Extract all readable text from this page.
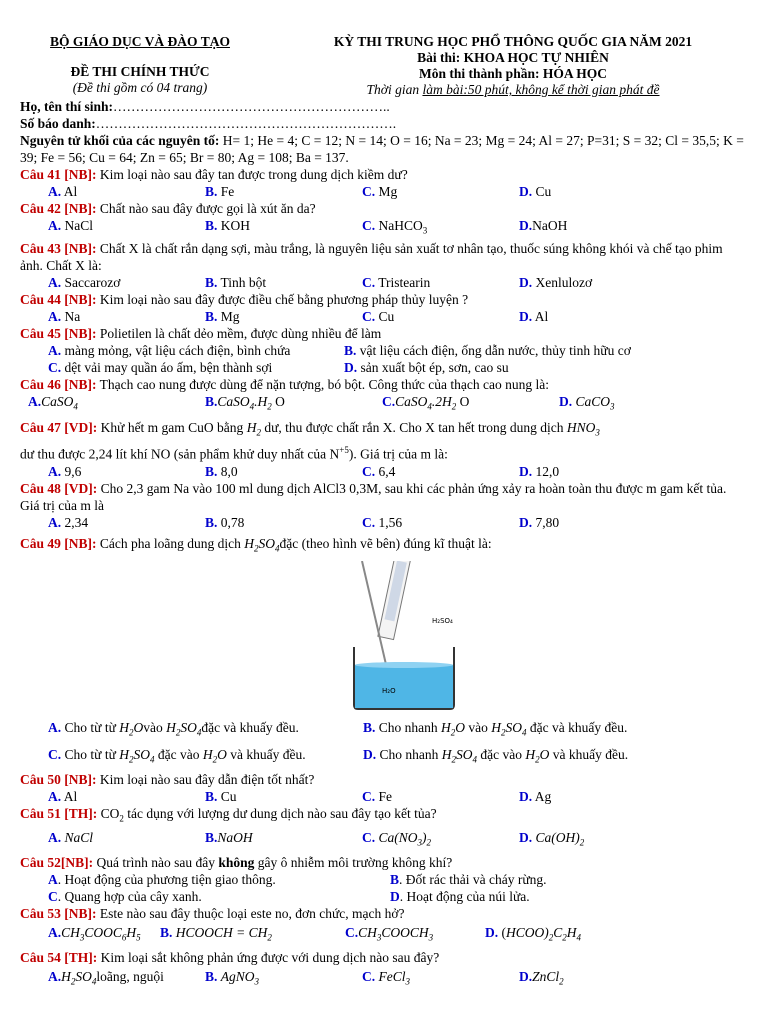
BỘ GIÁO DỤC VÀ ĐÀO TẠO
ĐỀ THI CHÍNH THỨC
(Đề thi gồm có 04 trang)
KỲ THI TRUNG HỌC PHỔ THÔNG QUỐC GIA NĂM 2021
Bài thi: KHOA HỌC TỰ NHIÊN
Môn thi thành phần: HÓA HỌC
Thời gian làm bài:50 phút, không kể thời gian phát đề
Họ, tên thí sinh:……………………………………………………..
Số báo danh:………………………………………………………….
Nguyên tử khối của các nguyên tố: H= 1; He = 4; C = 12; N = 14; O = 16; Na = 23; Mg = 24; Al = 27; P=31; S = 32; Cl = 35,5; K = 39; Fe = 56; Cu = 64; Zn = 65; Br = 80; Ag = 108; Ba = 137.
Câu 41 [NB]: Kim loại nào sau đây tan được trong dung dịch kiềm dư?
A. Al	B. Fe	C. Mg	D. Cu
Câu 42 [NB]: Chất nào sau đây được gọi là xút ăn da?
A. NaCl	B. KOH	C. NaHCO$_3$	D.NaOH
Câu 43 [NB]: Chất X là chất rắn dạng sợi, màu trắng, là nguyên liệu sản xuất tơ nhân tạo, thuốc súng không khói và chế tạo phim ảnh. Chất X là:
A. Saccarozơ	B. Tinh bột	C. Tristearin	D. Xenlulozơ
Câu 44 [NB]: Kim loại nào sau đây được điều chế bằng phương pháp thủy luyện ?
A. Na	B. Mg	C. Cu	D. Al
Câu 45 [NB]: Polietilen là chất dẻo mềm, được dùng nhiều để làm
A. màng mỏng, vật liệu cách điện, bình chứa	B. vật liệu cách điện, ống dẫn nước, thủy tinh hữu cơ
C. dệt vải may quần áo ấm, bện thành sợi	D. sản xuất bột ép, sơn, cao su
Câu 46 [NB]: Thạch cao nung được dùng để nặn tượng, bó bột. Công thức của thạch cao nung là:
A.CaSO$_4$	$B.CaSO_4.H_2$ O	$C.CaSO_4.2H_2$ O	D. CaCO$_3$
Câu 47 [VD]: Khử hết m gam CuO bằng $H_2$ dư, thu được chất rắn X. Cho X tan hết trong dung dịch $HNO_3$
dư thu được 2,24 lít khí NO (sản phẩm khử duy nhất của $N^{+5}$). Giá trị của m là:
A. 9,6	B. 8,0	C. 6,4	D. 12,0
Câu 48 [VD]: Cho 2,3 gam Na vào 100 ml dung dịch AlCl3 0,3M, sau khi các phản ứng xảy ra hoàn toàn thu được m gam kết tủa. Giá trị của m là
A. 2,34	B. 0,78	C. 1,56	D. 7,80
Câu 49 [NB]: Cách pha loãng dung dịch $H_2SO_4đặc$ (theo hình vẽ bên) đúng kĩ thuật là:
H₂SO₄
H₂O
A. Cho từ từ $H_2Ovào$ $H_2SO_4đặc$ và khuấy đều.	B. Cho nhanh $H_2O$ vào $H_2SO_4$ đặc và khuấy đều.
C. Cho từ từ $H_2SO_4$ đặc vào $H_2O$ và khuấy đều.	D. Cho nhanh $H_2SO_4$ đặc vào $H_2O$ và khuấy đều.
Câu 50 [NB]: Kim loại nào sau đây dẫn điện tốt nhất?
A. Al	B. Cu	C. Fe	D. Ag
Câu 51 [TH]: $CO_2$ tác dụng với lượng dư dung dịch nào sau đây tạo kết tủa?
A. NaCl	B.NaOH	C. $Ca(NO_3)_2$	D. $Ca(OH)_2$
Câu 52[NB]: Quá trình nào sau đây không gây ô nhiễm môi trường không khí?
A. Hoạt động của phương tiện giao thông.	B. Đốt rác thải và cháy rừng.
C. Quang hợp của cây xanh.	D. Hoạt động của núi lửa.
Câu 53 [NB]: Este nào sau đây thuộc loại este no, đơn chức, mạch hở?
$A.CH_3COOC_6H_5$	B. HCOOCH = $CH_2$	$C.CH_3COOCH_3$	D. $(HCOO)_2C_2H_4$
Câu 54 [TH]: Kim loại sắt không phản ứng được với dung dịch nào sau đây?
$A.H_2SO_4loãng$, nguội	B. AgNO$_3$	C. FeCl$_3$	D.ZnCl$_2$
